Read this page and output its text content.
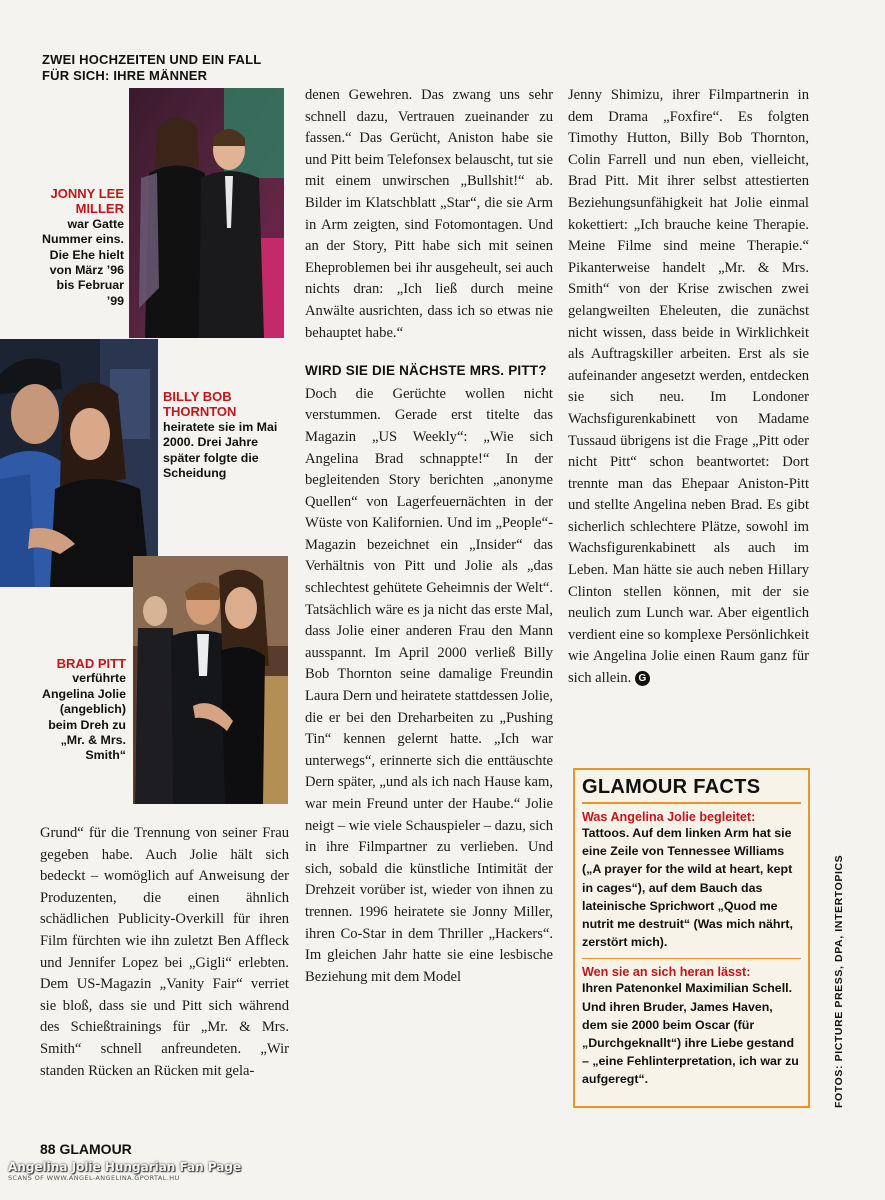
ZWEI HOCHZEITEN UND EIN FALL FÜR SICH: IHRE MÄNNER
JONNY LEE MILLER
war Gatte Nummer eins. Die Ehe hielt von März ’96 bis Februar ’99
BILLY BOB THORNTON
heiratete sie im Mai 2000. Drei Jahre später folgte die Scheidung
BRAD PITT
verführte Angelina Jolie (angeblich) beim Dreh zu „Mr. & Mrs. Smith“

Grund“ für die Trennung von seiner Frau gegeben habe. Auch Jolie hält sich bedeckt – womöglich auf Anweisung der Produzenten, die einen ähnlich schädlichen Publicity-Overkill für ihren Film fürchten wie ihn zuletzt Ben Affleck und Jennifer Lopez bei „Gigli“ erlebten. Dem US-Magazin „Vanity Fair“ verriet sie bloß, dass sie und Pitt sich während des Schießtrainings für „Mr. & Mrs. Smith“ schnell anfreundeten. „Wir standen Rücken an Rücken mit gela-

denen Gewehren. Das zwang uns sehr schnell dazu, Vertrauen zueinander zu fassen.“ Das Gerücht, Aniston habe sie und Pitt beim Telefonsex belauscht, tut sie mit einem unwirschen „Bullshit!“ ab. Bilder im Klatschblatt „Star“, die sie Arm in Arm zeigten, sind Fotomontagen. Und an der Story, Pitt habe sich mit seinen Eheproblemen bei ihr ausgeheult, sei auch nichts dran: „Ich ließ durch meine Anwälte ausrichten, dass ich so etwas nie behauptet habe.“

WIRD SIE DIE NÄCHSTE MRS. PITT?

Doch die Gerüchte wollen nicht verstummen. Gerade erst titelte das Magazin „US Weekly“: „Wie sich Angelina Brad schnappte!“ In der begleitenden Story berichten „anonyme Quellen“ von Lagerfeuernächten in der Wüste von Kalifornien. Und im „People“-Magazin bezeichnet ein „Insider“ das Verhältnis von Pitt und Jolie als „das schlechtest gehütete Geheimnis der Welt“. Tatsächlich wäre es ja nicht das erste Mal, dass Jolie einer anderen Frau den Mann ausspannt. Im April 2000 verließ Billy Bob Thornton seine damalige Freundin Laura Dern und heiratete stattdessen Jolie, die er bei den Dreharbeiten zu „Pushing Tin“ kennen gelernt hatte. „Ich war unterwegs“, erinnerte sich die enttäuschte Dern später, „und als ich nach Hause kam, war mein Freund unter der Haube.“ Jolie neigt – wie viele Schauspieler – dazu, sich in ihre Filmpartner zu verlieben. Und sich, sobald die künstliche Intimität der Drehzeit vorüber ist, wieder von ihnen zu trennen. 1996 heiratete sie Jonny Miller, ihren Co-Star in dem Thriller „Hackers“. Im gleichen Jahr hatte sie eine lesbische Beziehung mit dem Model

Jenny Shimizu, ihrer Filmpartnerin in dem Drama „Foxfire“. Es folgten Timothy Hutton, Billy Bob Thornton, Colin Farrell und nun eben, vielleicht, Brad Pitt. Mit ihrer selbst attestierten Beziehungsunfähigkeit hat Jolie einmal kokettiert: „Ich brauche keine Therapie. Meine Filme sind meine Therapie.“ Pikanterweise handelt „Mr. & Mrs. Smith“ von der Krise zwischen zwei gelangweilten Eheleuten, die zunächst nicht wissen, dass beide in Wirklichkeit als Auftragskiller arbeiten. Erst als sie aufeinander angesetzt werden, entdecken sie sich neu. Im Londoner Wachsfigurenkabinett von Madame Tussaud übrigens ist die Frage „Pitt oder nicht Pitt“ schon beantwortet: Dort trennte man das Ehepaar Aniston-Pitt und stellte Angelina neben Brad. Es gibt sicherlich schlechtere Plätze, sowohl im Wachsfigurenkabinett als auch im Leben. Man hätte sie auch neben Hillary Clinton stellen können, mit der sie neulich zum Lunch war. Aber eigentlich verdient eine so komplexe Persönlichkeit wie Angelina Jolie einen Raum ganz für sich allein. G

GLAMOUR FACTS
Was Angelina Jolie begleitet:
Tattoos. Auf dem linken Arm hat sie eine Zeile von Tennessee Williams („A prayer for the wild at heart, kept in cages“), auf dem Bauch das lateinische Sprichwort „Quod me nutrit me destruit“ (Was mich nährt, zerstört mich).
Wen sie an sich heran lässt:
Ihren Patenonkel Maximilian Schell. Und ihren Bruder, James Haven, dem sie 2000 beim Oscar (für „Durchgeknallt“) ihre Liebe gestand – „eine Fehlinterpretation, ich war zu aufgeregt“.	FOTOS: PICTURE PRESS, DPA, INTERTOPICS
88 GLAMOUR
Angelina Jolie Hungarian Fan Page
SCANS OF WWW.ANGEL-ANGELINA.GPORTAL.HU
